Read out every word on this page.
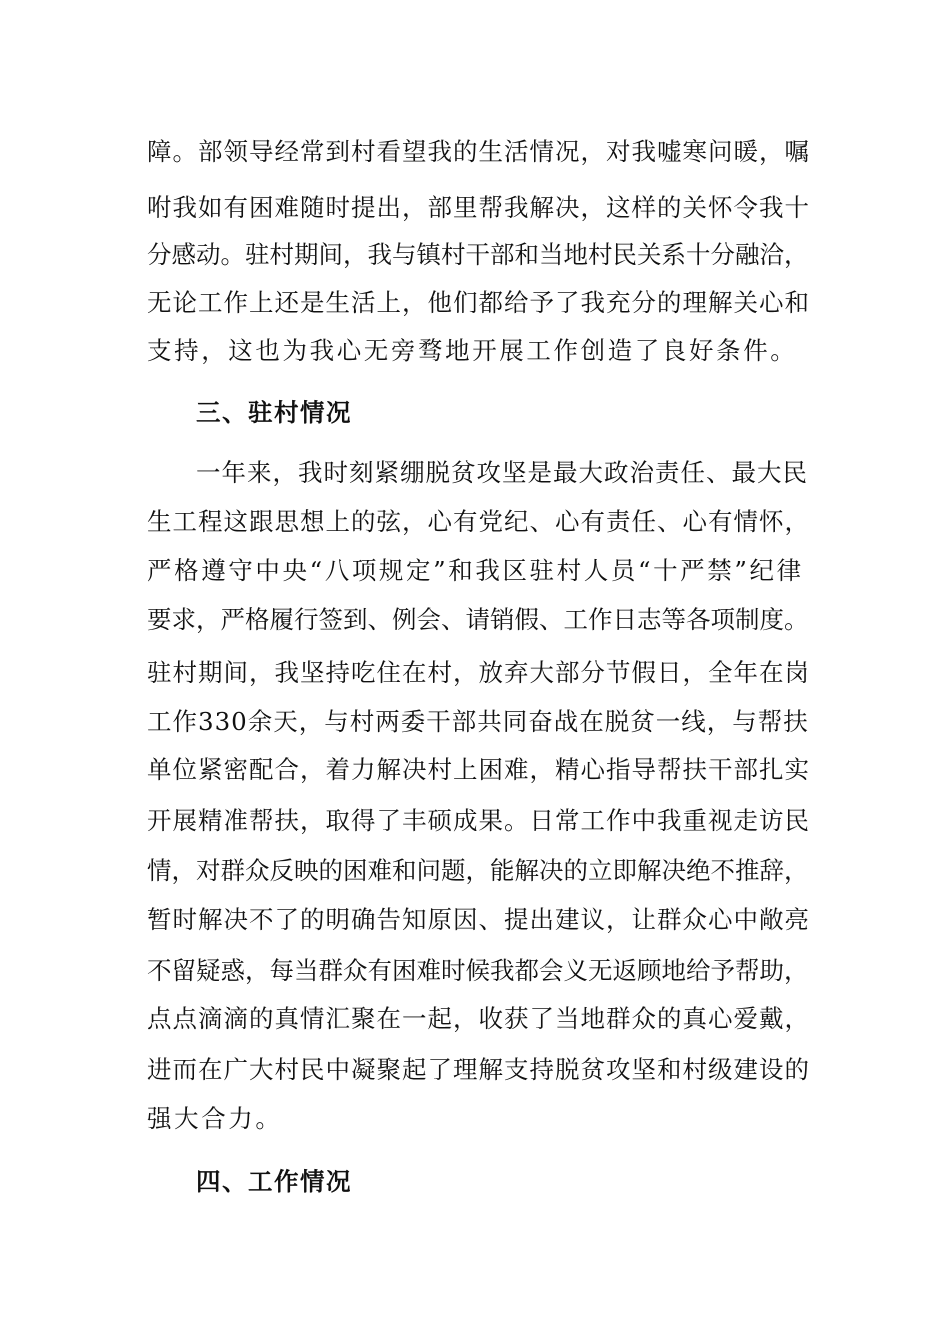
障。部领导经常到村看望我的生活情况，对我嘘寒问暖，嘱
咐我如有困难随时提出，部里帮我解决，这样的关怀令我十
分感动。驻村期间，我与镇村干部和当地村民关系十分融洽，
无论工作上还是生活上，他们都给予了我充分的理解关心和
支持，这也为我心无旁骛地开展工作创造了良好条件。
三、驻村情况
一年来，我时刻紧绷脱贫攻坚是最大政治责任、最大民
生工程这跟思想上的弦，心有党纪、心有责任、心有情怀，
严格遵守中央“八项规定”和我区驻村人员“十严禁”纪律
要求，严格履行签到、例会、请销假、工作日志等各项制度。
驻村期间，我坚持吃住在村，放弃大部分节假日，全年在岗
工作330余天，与村两委干部共同奋战在脱贫一线，与帮扶
单位紧密配合，着力解决村上困难，精心指导帮扶干部扎实
开展精准帮扶，取得了丰硕成果。日常工作中我重视走访民
情，对群众反映的困难和问题，能解决的立即解决绝不推辞，
暂时解决不了的明确告知原因、提出建议，让群众心中敞亮
不留疑惑，每当群众有困难时候我都会义无返顾地给予帮助，
点点滴滴的真情汇聚在一起，收获了当地群众的真心爱戴，
进而在广大村民中凝聚起了理解支持脱贫攻坚和村级建设的
强大合力。
四、工作情况
